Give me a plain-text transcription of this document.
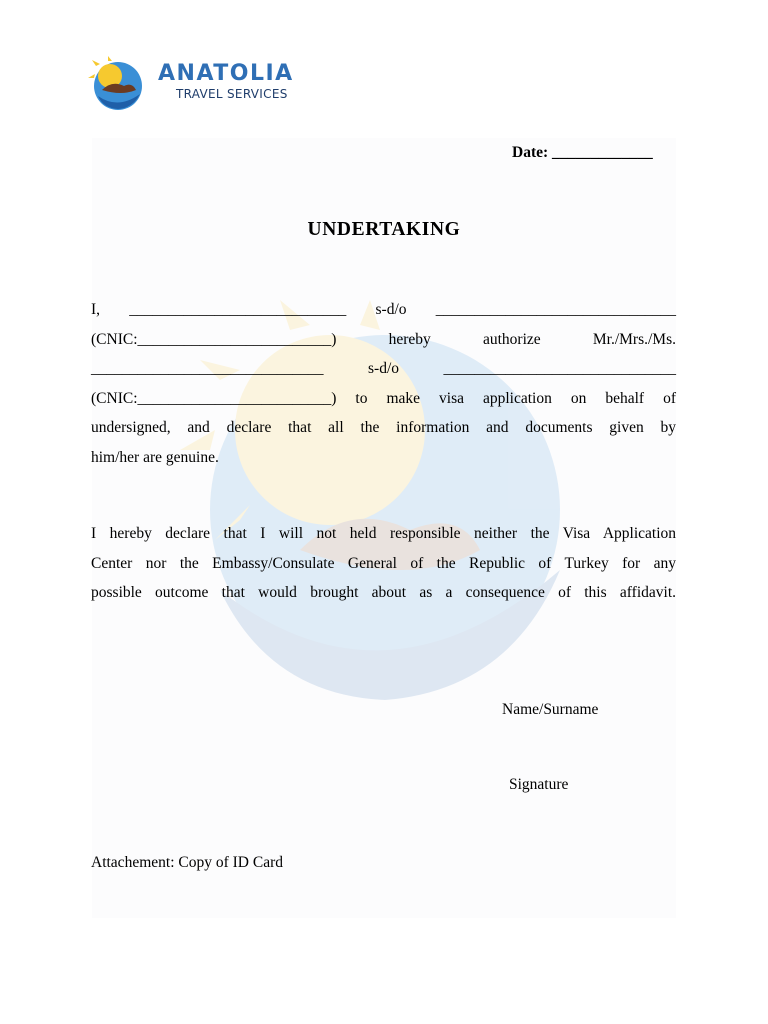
ANATOLIA
TRAVEL SERVICES
Date: _____________
UNDERTAKING
I, ____________________________ s-d/o _______________________________
(CNIC:_________________________) hereby authorize Mr./Mrs./Ms.
______________________________ s-d/o ______________________________
(CNIC:_________________________) to make visa application on behalf of
undersigned, and declare that all the information and documents given by
him/her are genuine.
I hereby declare that I will not held responsible neither the Visa Application
Center nor the Embassy/Consulate General of the Republic of Turkey for any
possible outcome that would brought about as a consequence of this affidavit.
Name/Surname
Signature
Attachement: Copy of ID Card
